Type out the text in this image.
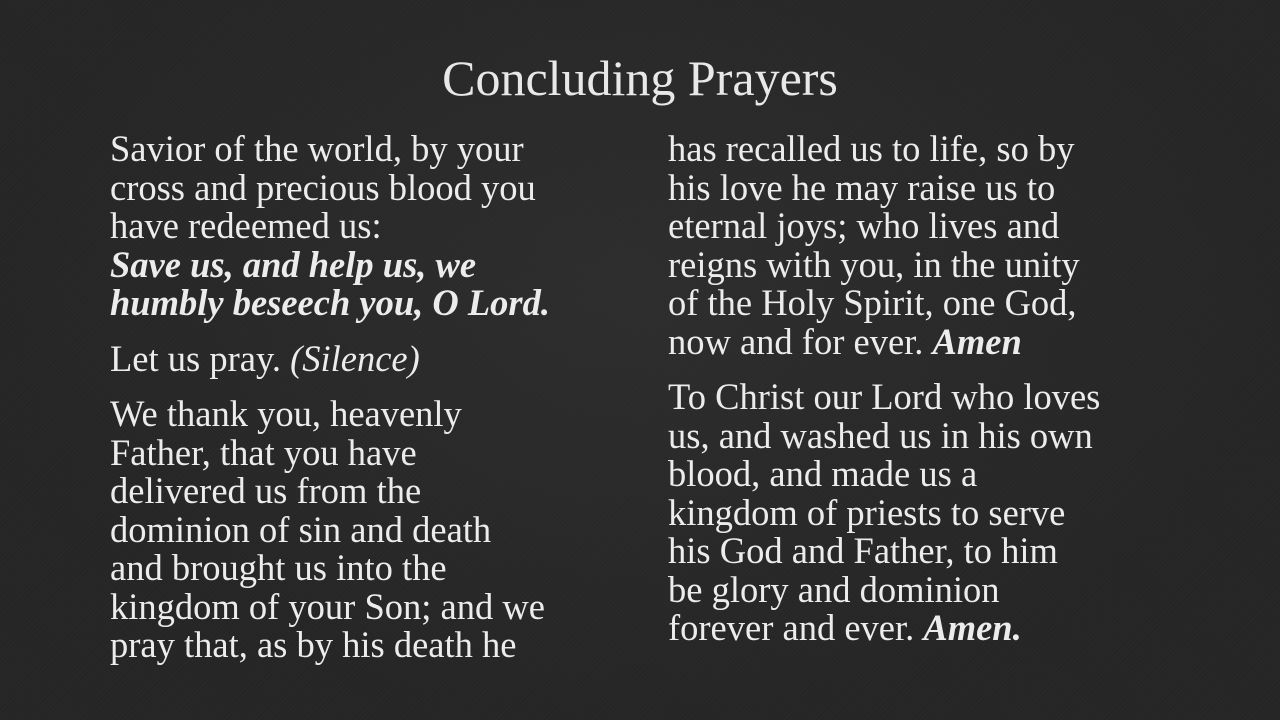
Concluding Prayers

Savior of the world, by your
cross and precious blood you
have redeemed us:
Save us, and help us, we
humbly beseech you, O Lord.

Let us pray. (Silence)

We thank you, heavenly
Father, that you have
delivered us from the
dominion of sin and death
and brought us into the
kingdom of your Son; and we
pray that, as by his death he

has recalled us to life, so by
his love he may raise us to
eternal joys; who lives and
reigns with you, in the unity
of the Holy Spirit, one God,
now and for ever. Amen

To Christ our Lord who loves
us, and washed us in his own
blood, and made us a
kingdom of priests to serve
his God and Father, to him
be glory and dominion
forever and ever. Amen.
